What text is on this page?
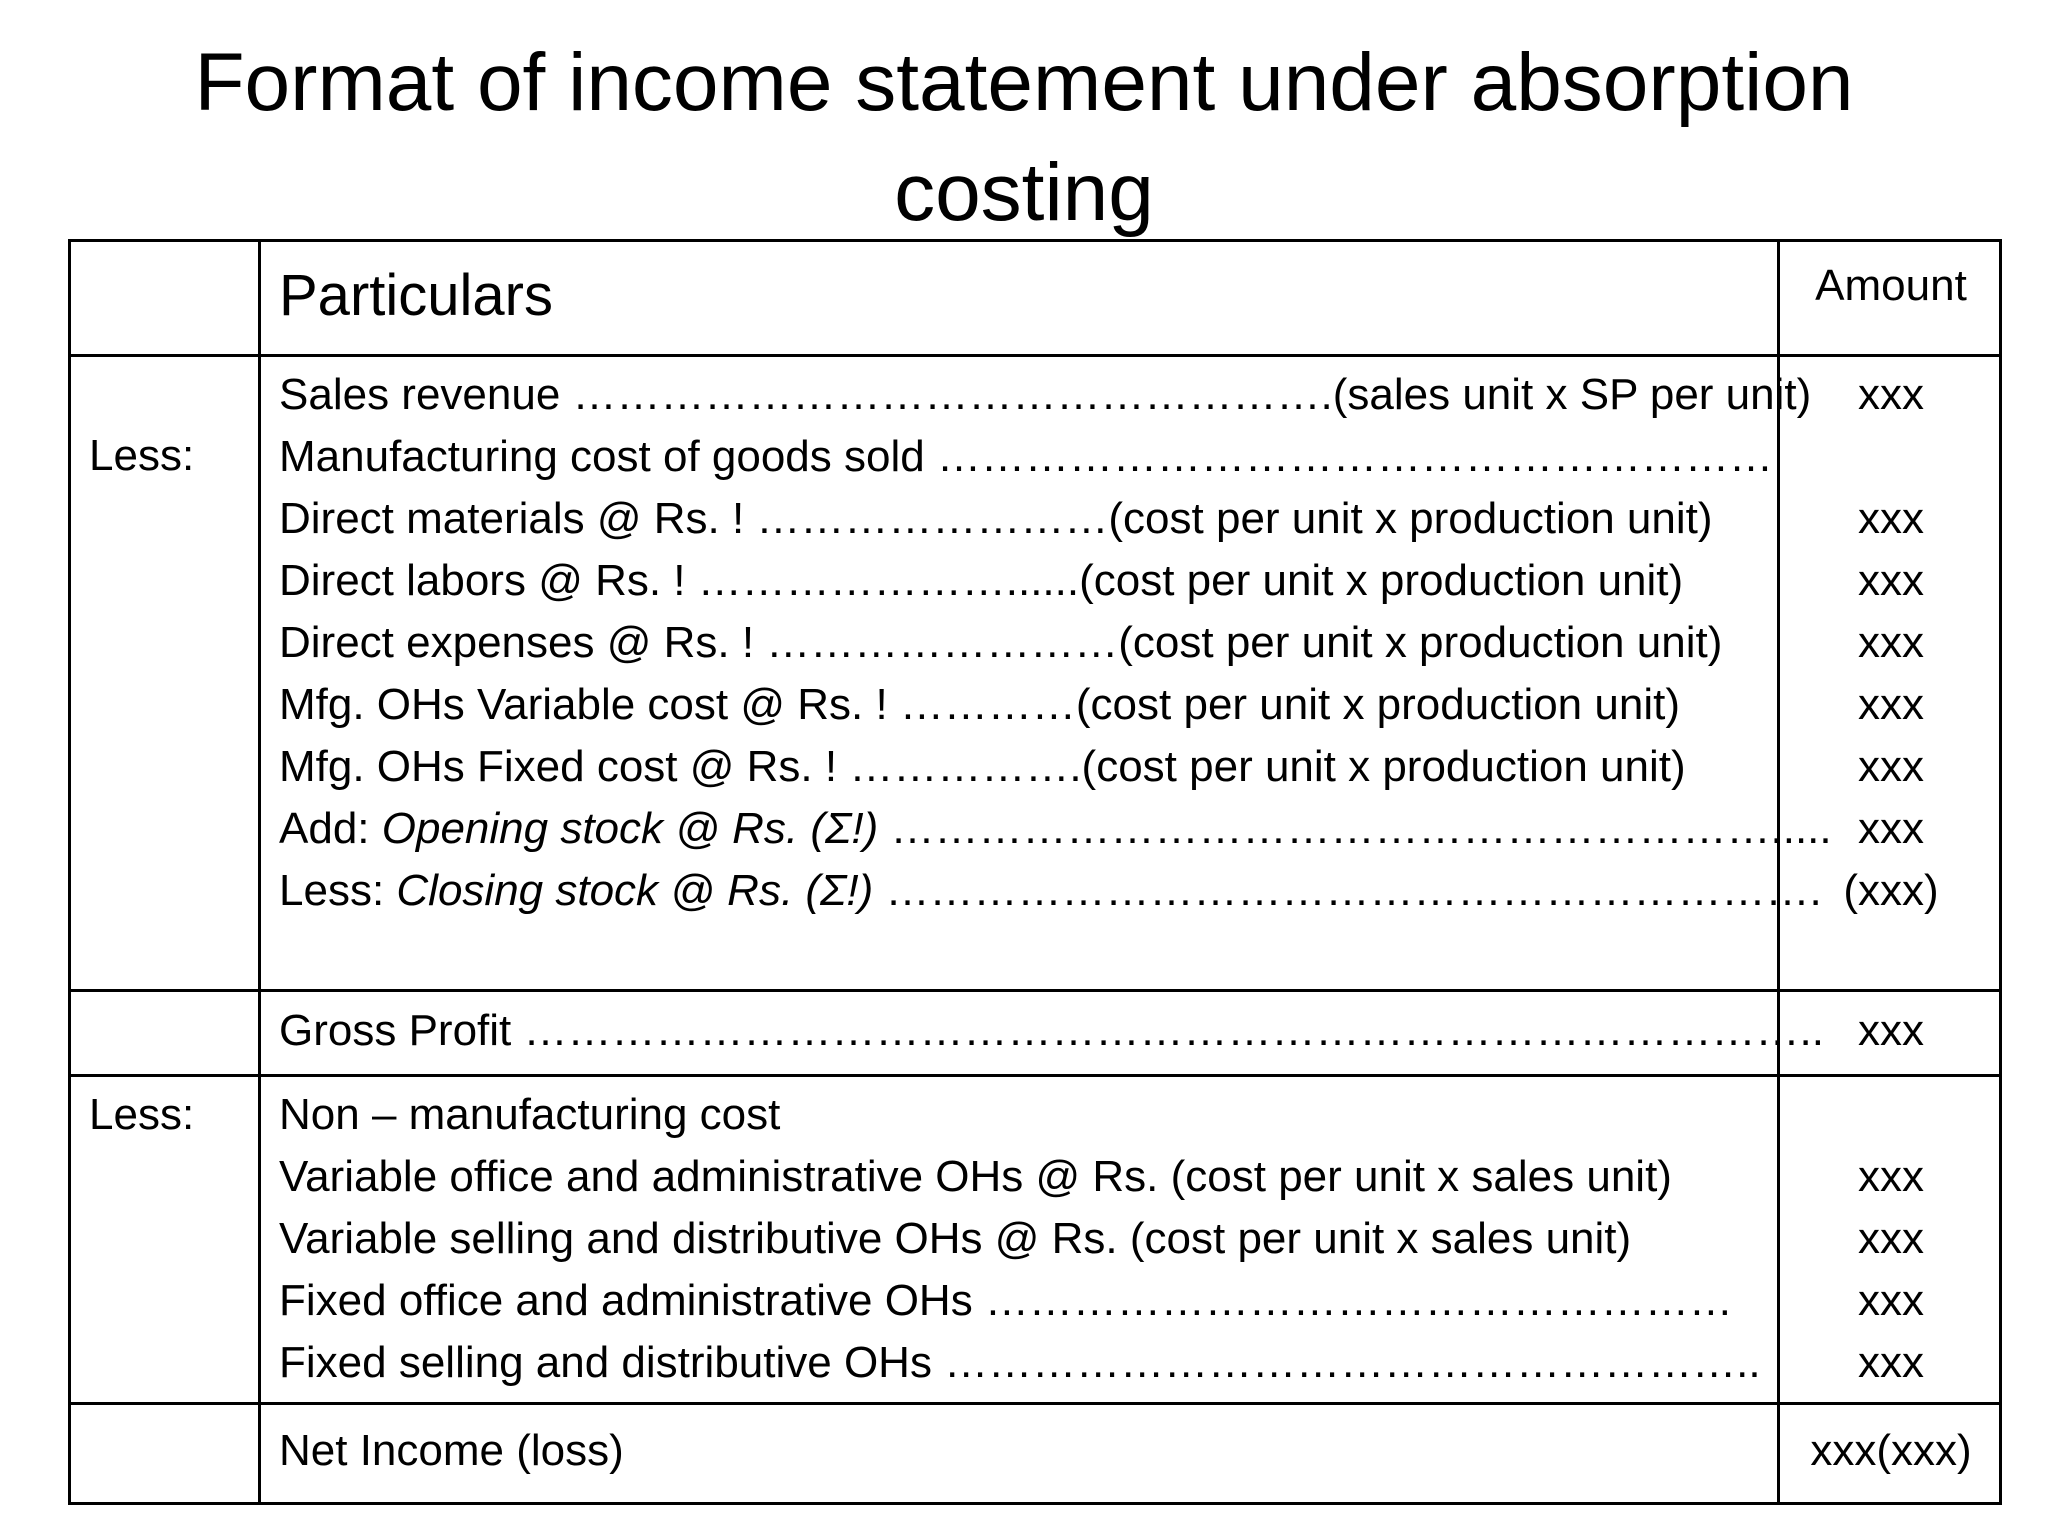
Format of income statement under absorption
costing
Particulars	Amount
Less:
Sales revenue …………………………………………….(sales unit x SP per unit)
Manufacturing cost of goods sold …………………………………………………
Direct materials @ Rs. ! ……………………(cost per unit x production unit)
Direct labors @ Rs. ! …………………......(cost per unit x production unit)
Direct expenses @ Rs. ! ……………………(cost per unit x production unit)
Mfg. OHs Variable cost @ Rs. ! …………(cost per unit x production unit)
Mfg. OHs Fixed cost @ Rs. ! …………….(cost per unit x production unit)
Add: Opening stock @ Rs. (Σ!) …………………………………………………….....
Less: Closing stock @ Rs. (Σ!) ……………………………………………………….
xxx
xxx
xxx
xxx
xxx
xxx
xxx
(xxx)
Gross Profit …………………………………………………………………………….. xxx
Less: Non – manufacturing cost
Variable office and administrative OHs @ Rs. (cost per unit x sales unit)
Variable selling and distributive OHs @ Rs. (cost per unit x sales unit)
Fixed office and administrative OHs ……………………………………………
Fixed selling and distributive OHs ………………………………………………..
xxx
xxx
xxx
xxx
Net Income (loss)	xxx(xxx)
